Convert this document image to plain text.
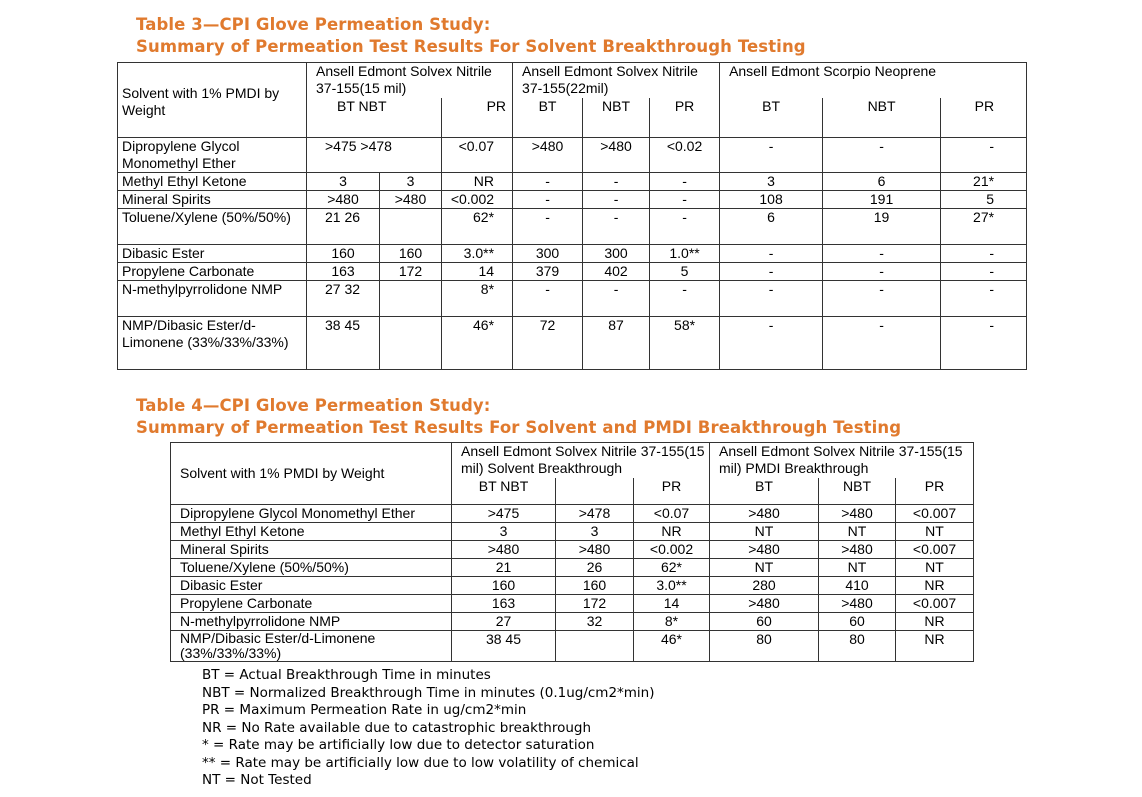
Table 3—CPI Glove Permeation Study:
Summary of Permeation Test Results For Solvent Breakthrough Testing
Solvent with 1% PMDI by Weight	Ansell Edmont Solvex Nitrile 37-155(15 mil)			Ansell Edmont Solvex Nitrile 37-155(22mil)			Ansell Edmont Scorpio Neoprene		
	BT NBT		PR	BT	NBT	PR	BT	NBT	PR
Dipropylene Glycol Monomethyl Ether	>475 >478		<0.07	>480	>480	<0.02	-	-	-
Methyl Ethyl Ketone	3	3	NR	-	-	-	3	6	21*
Mineral Spirits	>480	>480	<0.002	-	-	-	108	191	5
Toluene/Xylene (50%/50%)	21 26		62*	-	-	-	6	19	27*
Dibasic Ester	160	160	3.0**	300	300	1.0**	-	-	-
Propylene Carbonate	163	172	14	379	402	5	-	-	-
N-methylpyrrolidone NMP	27 32		8*	-	-	-	-	-	-
NMP/Dibasic Ester/d-Limonene (33%/33%/33%)	38 45		46*	72	87	58*	-	-	-
Table 4—CPI Glove Permeation Study:
Summary of Permeation Test Results For Solvent and PMDI Breakthrough Testing
Solvent with 1% PMDI by Weight	Ansell Edmont Solvex Nitrile 37-155(15 mil) Solvent Breakthrough			Ansell Edmont Solvex Nitrile 37-155(15 mil) PMDI Breakthrough		
	BT NBT		PR	BT	NBT	PR
Dipropylene Glycol Monomethyl Ether	>475	>478	<0.07	>480	>480	<0.007
Methyl Ethyl Ketone	3	3	NR	NT	NT	NT
Mineral Spirits	>480	>480	<0.002	>480	>480	<0.007
Toluene/Xylene (50%/50%)	21	26	62*	NT	NT	NT
Dibasic Ester	160	160	3.0**	280	410	NR
Propylene Carbonate	163	172	14	>480	>480	<0.007
N-methylpyrrolidone NMP	27	32	8*	60	60	NR
NMP/Dibasic Ester/d-Limonene (33%/33%/33%)	38 45		46*	80	80	NR
BT = Actual Breakthrough Time in minutes
NBT = Normalized Breakthrough Time in minutes (0.1ug/cm2*min)
PR = Maximum Permeation Rate in ug/cm2*min
NR = No Rate available due to catastrophic breakthrough
* = Rate may be artificially low due to detector saturation
** = Rate may be artificially low due to low volatility of chemical
NT = Not Tested
